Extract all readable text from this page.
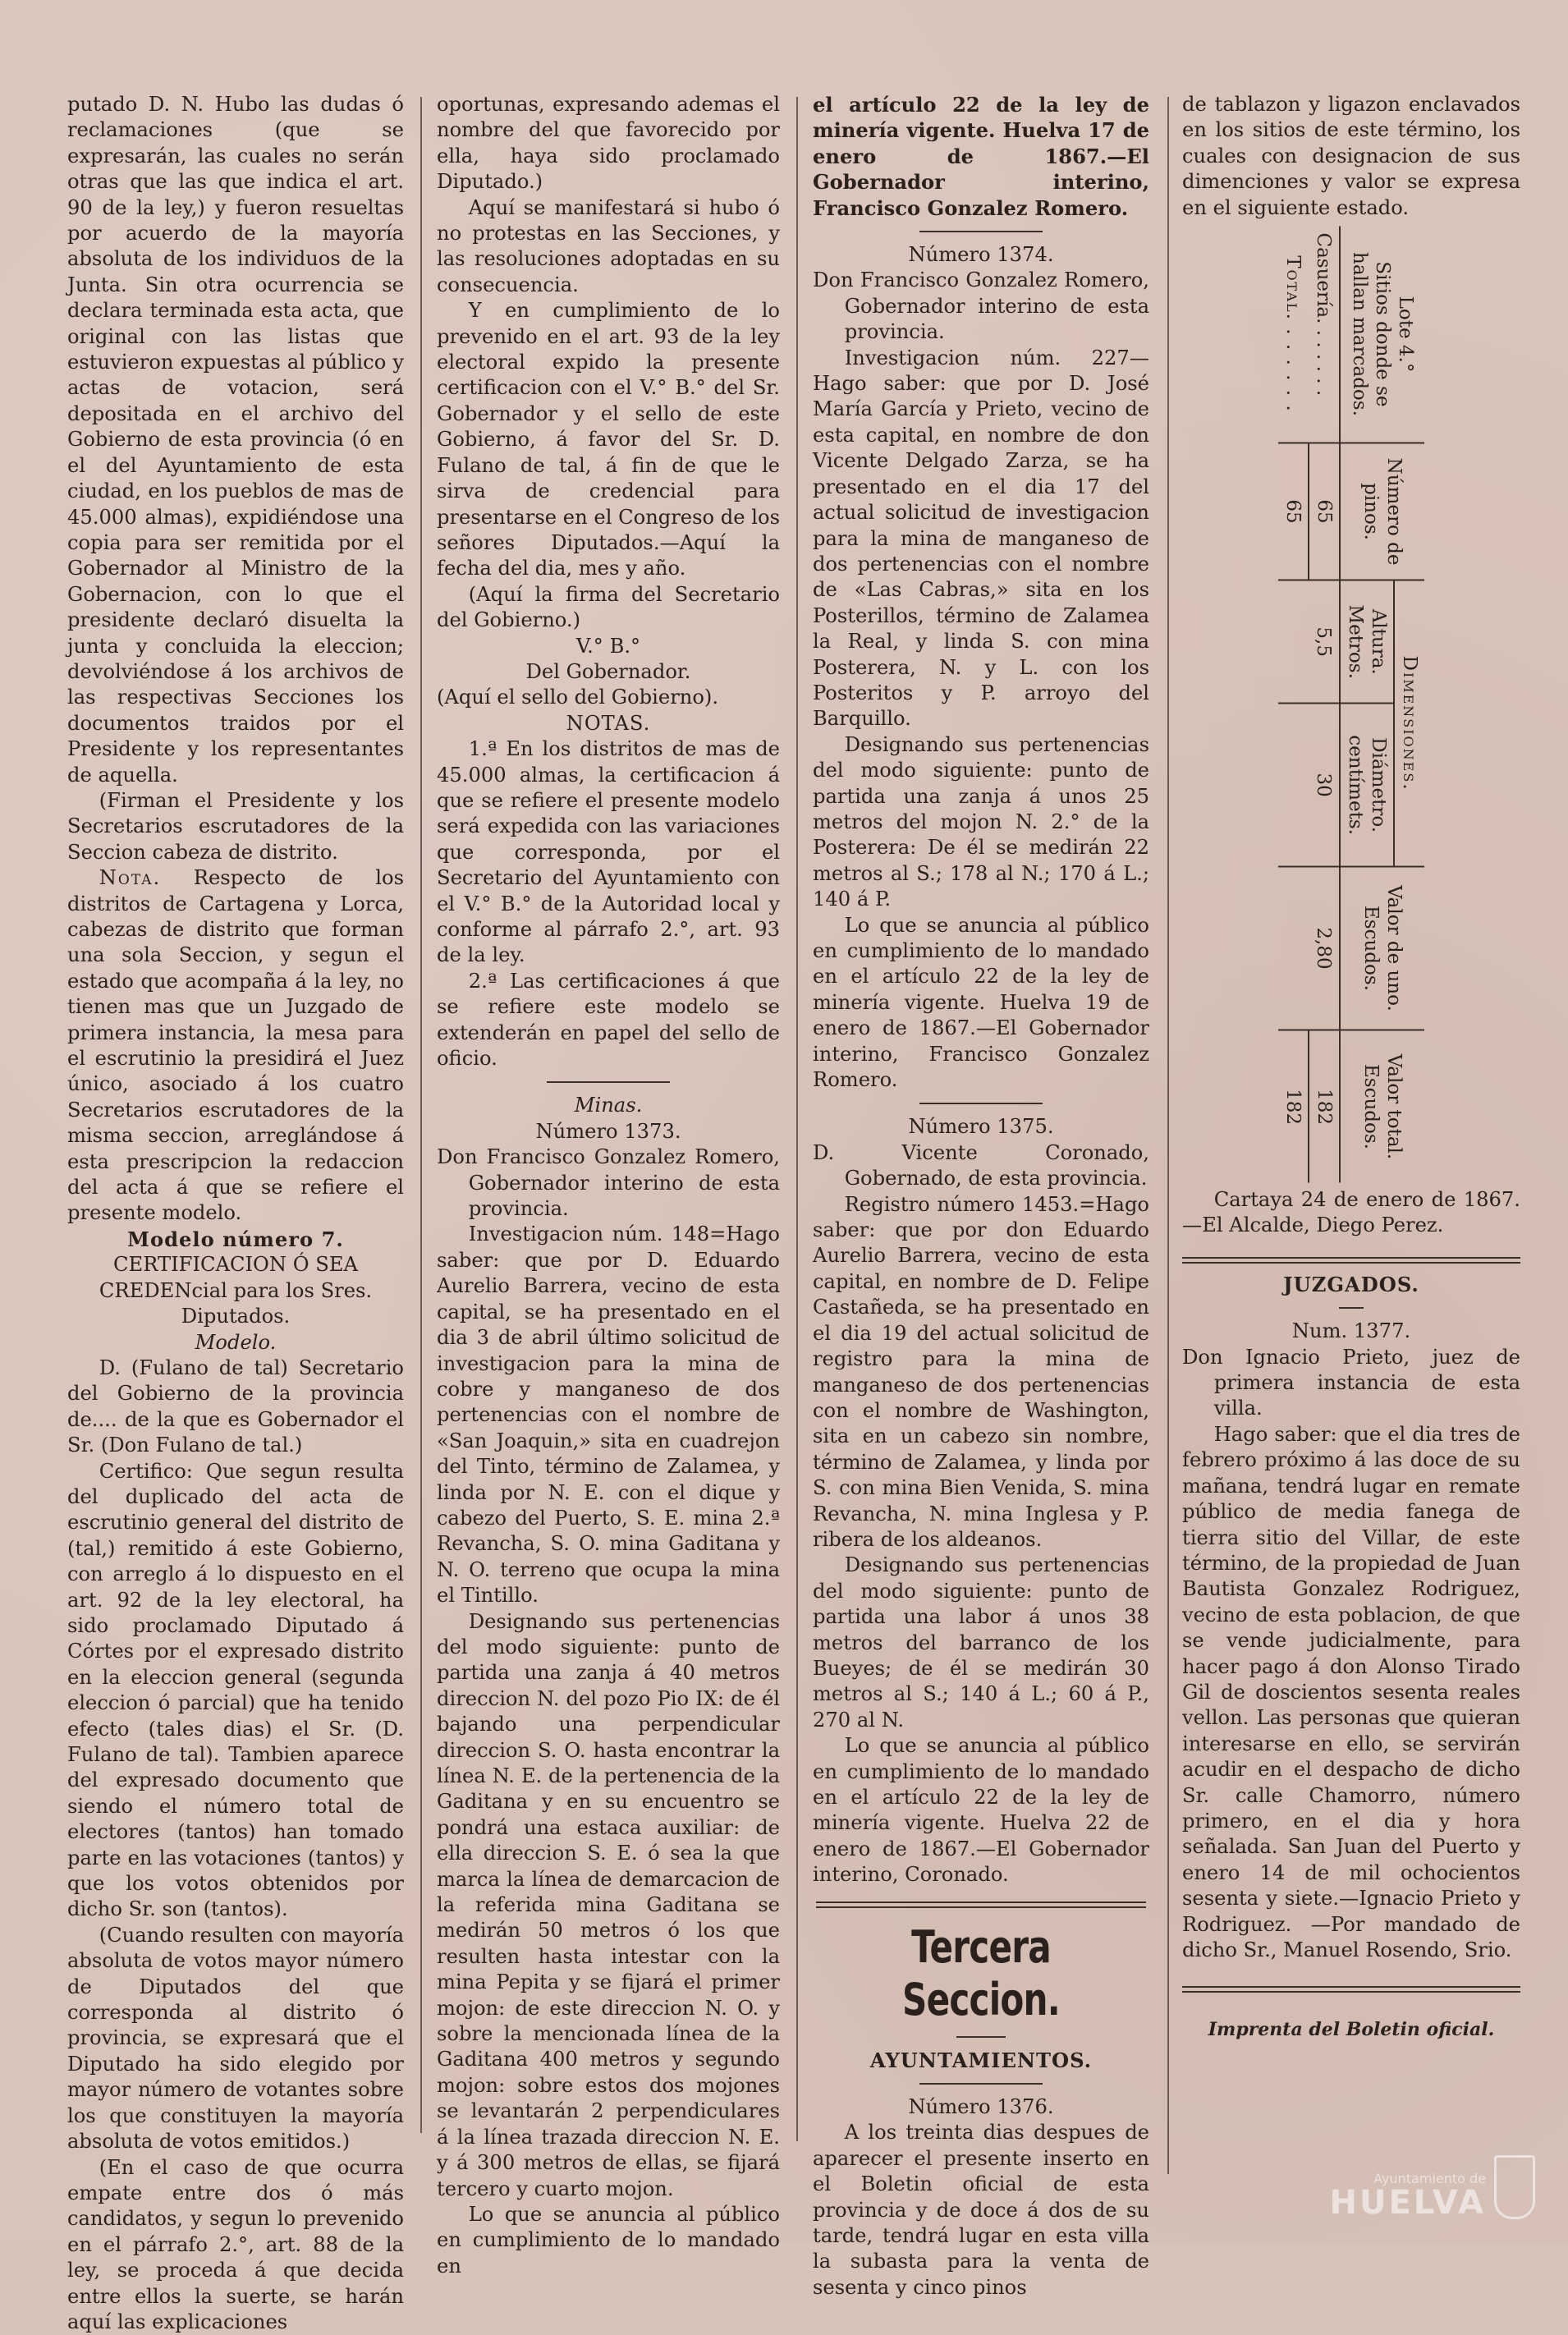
putado D. N. Hubo las dudas ó reclamaciones (que se expresarán, las cuales no serán otras que las que indica el art. 90 de la ley,) y fueron resueltas por acuerdo de la mayoría absoluta de los individuos de la Junta. Sin otra ocurrencia se declara terminada esta acta, que original con las listas que estuvieron expuestas al público y actas de votacion, será depositada en el archivo del Gobierno de esta provincia (ó en el del Ayuntamiento de esta ciudad, en los pueblos de mas de 45.000 almas), expidiéndose una copia para ser remitida por el Gobernador al Ministro de la Gobernacion, con lo que el presidente declaró disuelta la junta y concluida la eleccion; devolviéndose á los archivos de las respectivas Secciones los documentos traidos por el Presidente y los representantes de aquella.

(Firman el Presidente y los Secretarios escrutadores de la Seccion cabeza de distrito.

Nota. Respecto de los distritos de Cartagena y Lorca, cabezas de distrito que forman una sola Seccion, y segun el estado que acompaña á la ley, no tienen mas que un Juzgado de primera instancia, la mesa para el escrutinio la presidirá el Juez único, asociado á los cuatro Secretarios escrutadores de la misma seccion, arreglándose á esta prescripcion la redaccion del acta á que se refiere el presente modelo.

Modelo número 7.

CERTIFICACION Ó SEA CREDENcial para los Sres. Diputados.

Modelo.

D. (Fulano de tal) Secretario del Gobierno de la provincia de.... de la que es Gobernador el Sr. (Don Fulano de tal.)

Certifico: Que segun resulta del duplicado del acta de escrutinio general del distrito de (tal,) remitido á este Gobierno, con arreglo á lo dispuesto en el art. 92 de la ley electoral, ha sido proclamado Diputado á Córtes por el expresado distrito en la eleccion general (segunda eleccion ó parcial) que ha tenido efecto (tales dias) el Sr. (D. Fulano de tal). Tambien aparece del expresado documento que siendo el número total de electores (tantos) han tomado parte en las votaciones (tantos) y que los votos obtenidos por dicho Sr. son (tantos).

(Cuando resulten con mayoría absoluta de votos mayor número de Diputados del que corresponda al distrito ó provincia, se expresará que el Diputado ha sido elegido por mayor número de votantes sobre los que constituyen la mayoría absoluta de votos emitidos.)

(En el caso de que ocurra empate entre dos ó más candidatos, y segun lo prevenido en el párrafo 2.°, art. 88 de la ley, se proceda á que decida entre ellos la suerte, se harán aquí las explicaciones

oportunas, expresando ademas el nombre del que favorecido por ella, haya sido proclamado Diputado.)

Aquí se manifestará si hubo ó no protestas en las Secciones, y las resoluciones adoptadas en su consecuencia.

Y en cumplimiento de lo prevenido en el art. 93 de la ley electoral expido la presente certificacion con el V.° B.° del Sr. Gobernador y el sello de este Gobierno, á favor del Sr. D. Fulano de tal, á fin de que le sirva de credencial para presentarse en el Congreso de los señores Diputados.—Aquí la fecha del dia, mes y año.

(Aquí la firma del Secretario del Gobierno.)

V.° B.°

Del Gobernador.

(Aquí el sello del Gobierno).

NOTAS.

1.ª En los distritos de mas de 45.000 almas, la certificacion á que se refiere el presente modelo será expedida con las variaciones que corresponda, por el Secretario del Ayuntamiento con el V.° B.° de la Autoridad local y conforme al párrafo 2.°, art. 93 de la ley.

2.ª Las certificaciones á que se refiere este modelo se extenderán en papel del sello de oficio.

Minas.

Número 1373.

Don Francisco Gonzalez Romero, Gobernador interino de esta provincia.

Investigacion núm. 148=Hago saber: que por D. Eduardo Aurelio Barrera, vecino de esta capital, se ha presentado en el dia 3 de abril último solicitud de investigacion para la mina de cobre y manganeso de dos pertenencias con el nombre de «San Joaquin,» sita en cuadrejon del Tinto, término de Zalamea, y linda por N. E. con el dique y cabezo del Puerto, S. E. mina 2.ª Revancha, S. O. mina Gaditana y N. O. terreno que ocupa la mina el Tintillo.

Designando sus pertenencias del modo siguiente: punto de partida una zanja á 40 metros direccion N. del pozo Pio IX: de él bajando una perpendicular direccion S. O. hasta encontrar la línea N. E. de la pertenencia de la Gaditana y en su encuentro se pondrá una estaca auxiliar: de ella direccion S. E. ó sea la que marca la línea de demarcacion de la referida mina Gaditana se medirán 50 metros ó los que resulten hasta intestar con la mina Pepita y se fijará el primer mojon: de este direccion N. O. y sobre la mencionada línea de la Gaditana 400 metros y segundo mojon: sobre estos dos mojones se levantarán 2 perpendiculares á la línea trazada direccion N. E. y á 300 metros de ellas, se fijará tercero y cuarto mojon.

Lo que se anuncia al público en cumplimiento de lo mandado en

el artículo 22 de la ley de minería vigente. Huelva 17 de enero de 1867.—El Gobernador interino, Francisco Gonzalez Romero.

Número 1374.

Don Francisco Gonzalez Romero, Gobernador interino de esta provincia.

Investigacion núm. 227—Hago saber: que por D. José María García y Prieto, vecino de esta capital, en nombre de don Vicente Delgado Zarza, se ha presentado en el dia 17 del actual solicitud de investigacion para la mina de manganeso de dos pertenencias con el nombre de «Las Cabras,» sita en los Posterillos, término de Zalamea la Real, y linda S. con mina Posterera, N. y L. con los Posteritos y P. arroyo del Barquillo.

Designando sus pertenencias del modo siguiente: punto de partida una zanja á unos 25 metros del mojon N. 2.° de la Posterera: De él se medirán 22 metros al S.; 178 al N.; 170 á L.; 140 á P.

Lo que se anuncia al público en cumplimiento de lo mandado en el artículo 22 de la ley de minería vigente. Huelva 19 de enero de 1867.—El Gobernador interino, Francisco Gonzalez Romero.

Número 1375.

D. Vicente Coronado, Gobernado, de esta provincia.

Registro número 1453.=Hago saber: que por don Eduardo Aurelio Barrera, vecino de esta capital, en nombre de D. Felipe Castañeda, se ha presentado en el dia 19 del actual solicitud de registro para la mina de manganeso de dos pertenencias con el nombre de Washington, sita en un cabezo sin nombre, término de Zalamea, y linda por S. con mina Bien Venida, S. mina Revancha, N. mina Inglesa y P. ribera de los aldeanos.

Designando sus pertenencias del modo siguiente: punto de partida una labor á unos 38 metros del barranco de los Bueyes; de él se medirán 30 metros al S.; 140 á L.; 60 á P., 270 al N.

Lo que se anuncia al público en cumplimiento de lo mandado en el artículo 22 de la ley de minería vigente. Huelva 22 de enero de 1867.—El Gobernador interino, Coronado.

Tercera Seccion.

AYUNTAMIENTOS.

Número 1376.

A los treinta dias despues de aparecer el presente inserto en el Boletin oficial de esta provincia y de doce á dos de su tarde, tendrá lugar en esta villa la subasta para la venta de sesenta y cinco pinos

de tablazon y ligazon enclavados en los sitios de este término, los cuales con designacion de sus dimenciones y valor se expresa en el siguiente estado.

Lote 4.°
Sitios donde se hallan marcados.	Número de pinos.	Dimensiones.		Valor de uno. Escudos.	Valor total. Escudos.
		Altura. Metros.	Diámetro. centímets.		
Casuería. . . . . . .	65	5,5	30	2,80	182
Total. . . . . . .	65				182

Cartaya 24 de enero de 1867. —El Alcalde, Diego Perez.

JUZGADOS.

Num. 1377.

Don Ignacio Prieto, juez de primera instancia de esta villa.

Hago saber: que el dia tres de febrero próximo á las doce de su mañana, tendrá lugar en remate público de media fanega de tierra sitio del Villar, de este término, de la propiedad de Juan Bautista Gonzalez Rodriguez, vecino de esta poblacion, de que se vende judicialmente, para hacer pago á don Alonso Tirado Gil de doscientos sesenta reales vellon. Las personas que quieran interesarse en ello, se servirán acudir en el despacho de dicho Sr. calle Chamorro, número primero, en el dia y hora señalada. San Juan del Puerto y enero 14 de mil ochocientos sesenta y siete.—Ignacio Prieto y Rodriguez. —Por mandado de dicho Sr., Manuel Rosendo, Srio.

Imprenta del Boletin oficial.

Ayuntamiento de
HUELVA
